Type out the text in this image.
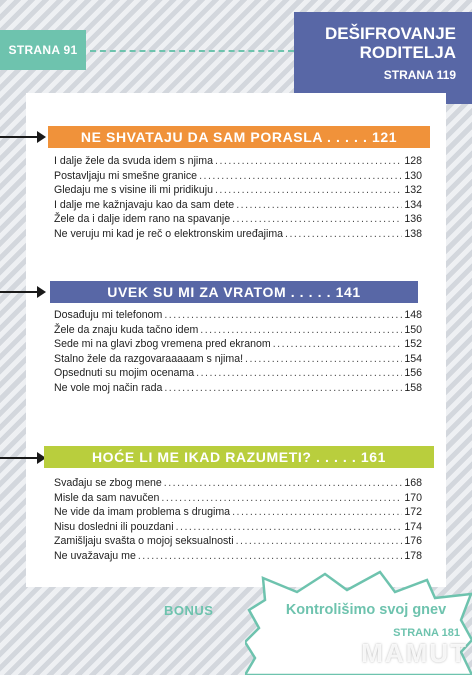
STRANA 91
DEŠIFROVANJE
RODITELJA
STRANA 119
NE SHVATAJU DA SAM PORASLA . . . . . 121
I dalje žele da svuda idem s njima .....	128
Postavljaju mi smešne granice .....	130
Gledaju me s visine ili mi pridikuju .....	132
I dalje me kažnjavaju kao da sam dete .....	134
Žele da i dalje idem rano na spavanje .....	136
Ne veruju mi kad je reč o elektronskim uređajima .....	138
UVEK SU MI ZA VRATOM . . . . . 141
Dosađuju mi telefonom .....	148
Žele da znaju kuda tačno idem .....	150
Sede mi na glavi zbog vremena pred ekranom .....	152
Stalno žele da razgovaraaaaam s njima! .....	154
Opsednuti su mojim ocenama .....	156
Ne vole moj način rada .....	158
HOĆE LI ME IKAD RAZUMETI? . . . . . 161
Svađaju se zbog mene .....	168
Misle da sam navučen .....	170
Ne vide da imam problema s drugima .....	172
Nisu dosledni ili pouzdani .....	174
Zamišljaju svašta o mojoj seksualnosti .....	176
Ne uvažavaju me .....	178
BONUS	Kontrolišimo svoj gnev
STRANA 181
MAMUT
